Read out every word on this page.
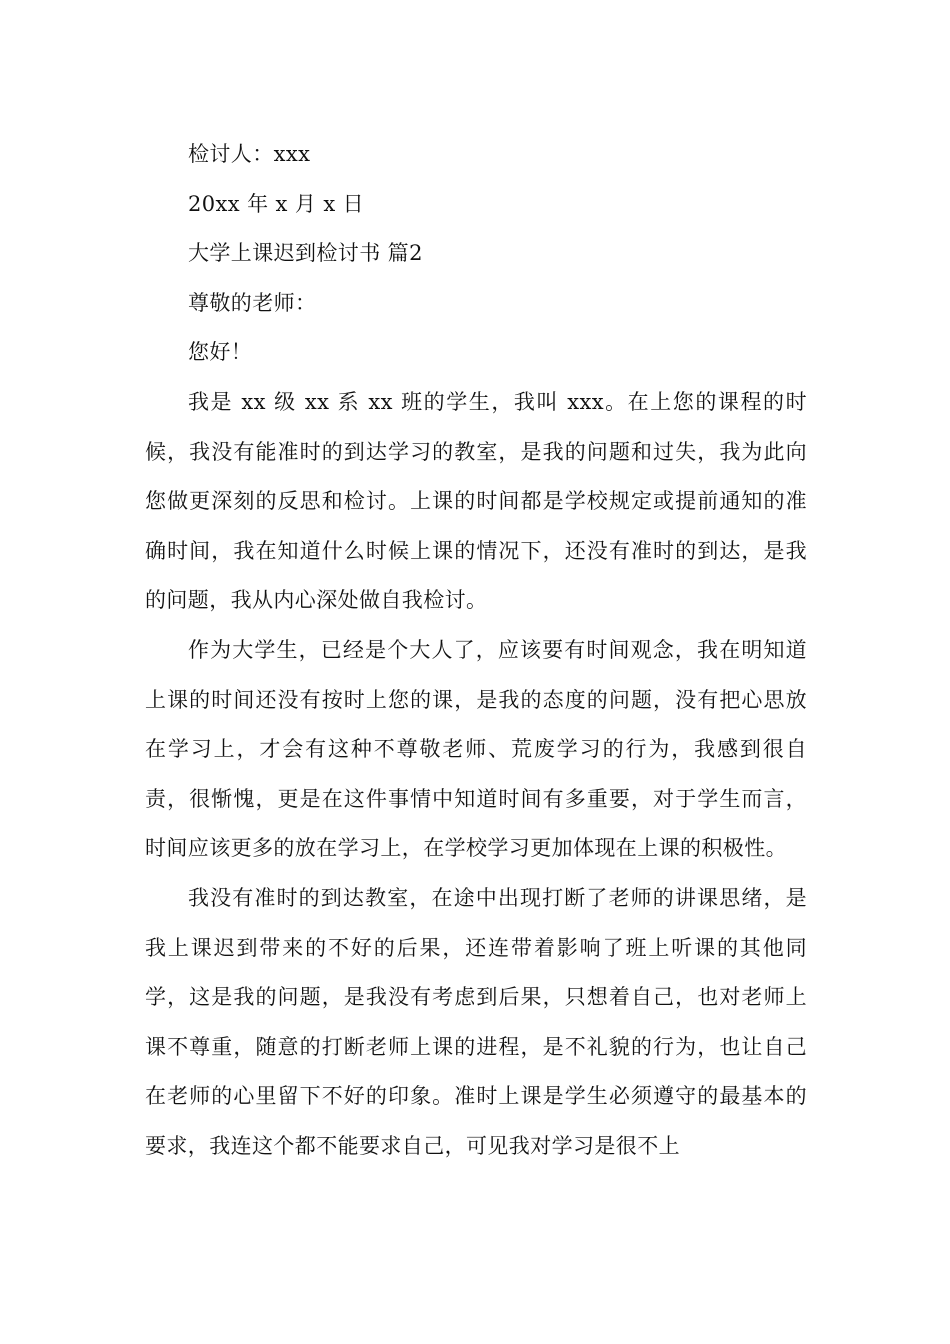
检讨人：xxx

20xx 年 x 月 x 日

大学上课迟到检讨书 篇2

尊敬的老师：

您好！

我是 xx 级 xx 系 xx 班的学生，我叫 xxx。在上您的课程的时候，我没有能准时的到达学习的教室，是我的问题和过失，我为此向您做更深刻的反思和检讨。上课的时间都是学校规定或提前通知的准确时间，我在知道什么时候上课的情况下，还没有准时的到达，是我的问题，我从内心深处做自我检讨。

作为大学生，已经是个大人了，应该要有时间观念，我在明知道上课的时间还没有按时上您的课，是我的态度的问题，没有把心思放在学习上，才会有这种不尊敬老师、荒废学习的行为，我感到很自责，很惭愧，更是在这件事情中知道时间有多重要，对于学生而言，时间应该更多的放在学习上，在学校学习更加体现在上课的积极性。

我没有准时的到达教室，在途中出现打断了老师的讲课思绪，是我上课迟到带来的不好的后果，还连带着影响了班上听课的其他同学，这是我的问题，是我没有考虑到后果，只想着自己，也对老师上课不尊重，随意的打断老师上课的进程，是不礼貌的行为，也让自己在老师的心里留下不好的印象。准时上课是学生必须遵守的最基本的要求，我连这个都不能要求自己，可见我对学习是很不上
